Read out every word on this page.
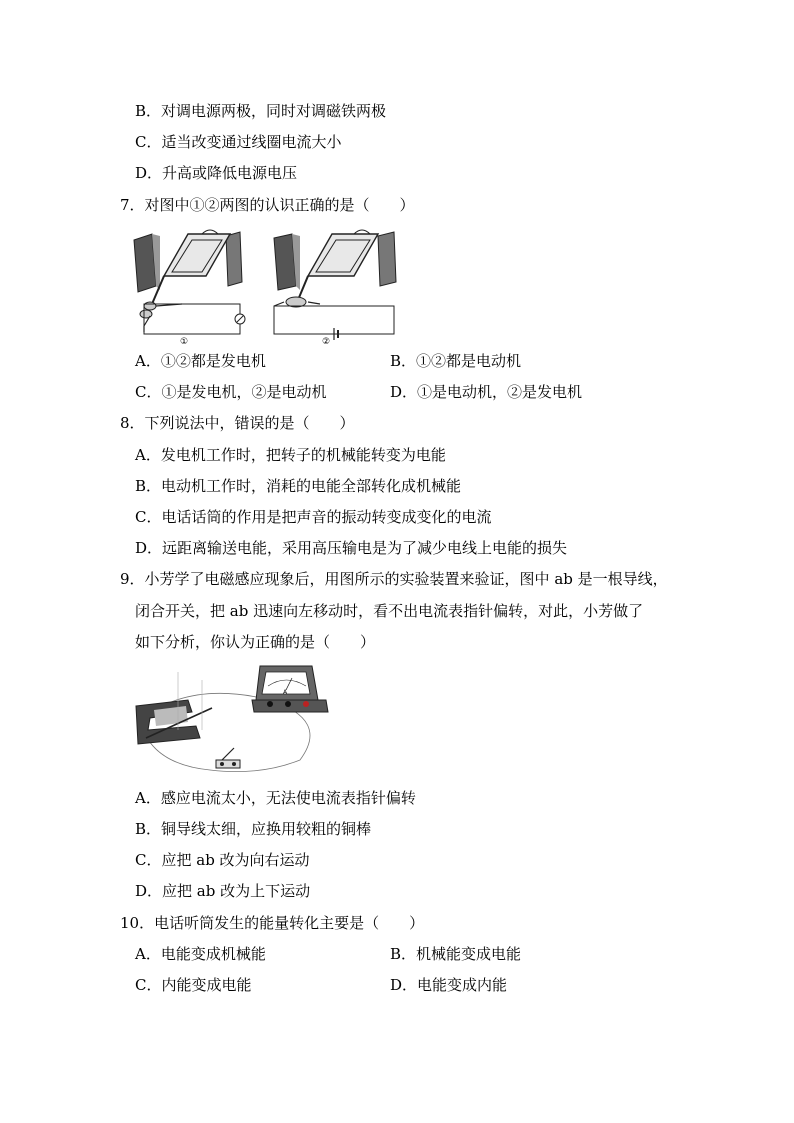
B．对调电源两极，同时对调磁铁两极
C．适当改变通过线圈电流大小
D．升高或降低电源电压
7．对图中①②两图的认识正确的是（　　）
①	②
A．①②都是发电机	B．①②都是电动机
C．①是发电机，②是电动机	D．①是电动机，②是发电机
8．下列说法中，错误的是（　　）
A．发电机工作时，把转子的机械能转变为电能
B．电动机工作时，消耗的电能全部转化成机械能
C．电话话筒的作用是把声音的振动转变成变化的电流
D．远距离输送电能，采用高压输电是为了减少电线上电能的损失
9．小芳学了电磁感应现象后，用图所示的实验装置来验证，图中 ab 是一根导线，
闭合开关，把 ab 迅速向左移动时，看不出电流表指针偏转，对此，小芳做了
如下分析，你认为正确的是（　　）
A
A．感应电流太小，无法使电流表指针偏转
B．铜导线太细，应换用较粗的铜棒
C．应把 ab 改为向右运动
D．应把 ab 改为上下运动
10．电话听筒发生的能量转化主要是（　　）
A．电能变成机械能	B．机械能变成电能
C．内能变成电能	D．电能变成内能
